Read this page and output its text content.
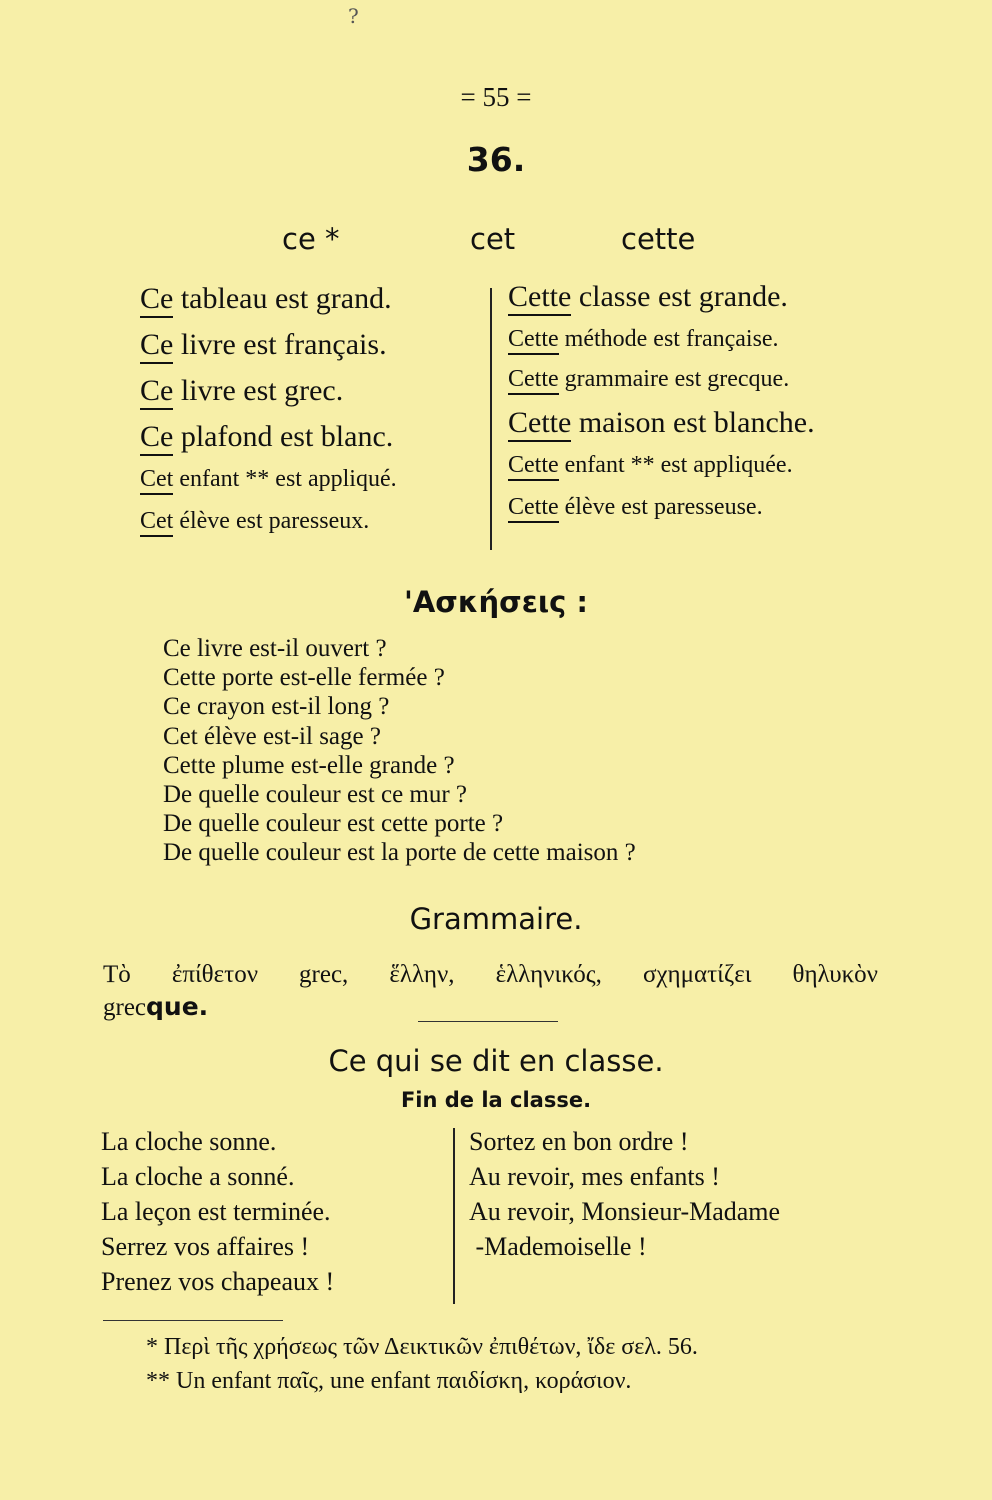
?
= 55 =
36.
ce *	cet	cette
Ce tableau est grand.
Ce livre est français.
Ce livre est grec.
Ce plafond est blanc.
Cet enfant ** est appliqué.
Cet élève est paresseux.
Cette classe est grande.
Cette méthode est française.
Cette grammaire est grecque.
Cette maison est blanche.
Cette enfant ** est appliquée.
Cette élève est paresseuse.
'Ασκήσεις :
Ce livre est-il ouvert ?
Cette porte est-elle fermée ?
Ce crayon est-il long ?
Cet élève est-il sage ?
Cette plume est-elle grande ?
De quelle couleur est ce mur ?
De quelle couleur est cette porte ?
De quelle couleur est la porte de cette maison ?
Grammaire.
Τὸ ἐπίθετον grec, ἕλλην, ἑλληνικός, σχηματίζει θηλυκὸν
grecque.
Ce qui se dit en classe.
Fin de la classe.
La cloche sonne.
La cloche a sonné.
La leçon est terminée.
Serrez vos affaires !
Prenez vos chapeaux !
Sortez en bon ordre !
Au revoir, mes enfants !
Au revoir, Monsieur-Madame
-Mademoiselle !
* Περὶ τῆς χρήσεως τῶν Δεικτικῶν ἐπιθέτων, ἴδε σελ. 56.
** Un enfant παῖς, une enfant παιδίσκη, κοράσιον.
